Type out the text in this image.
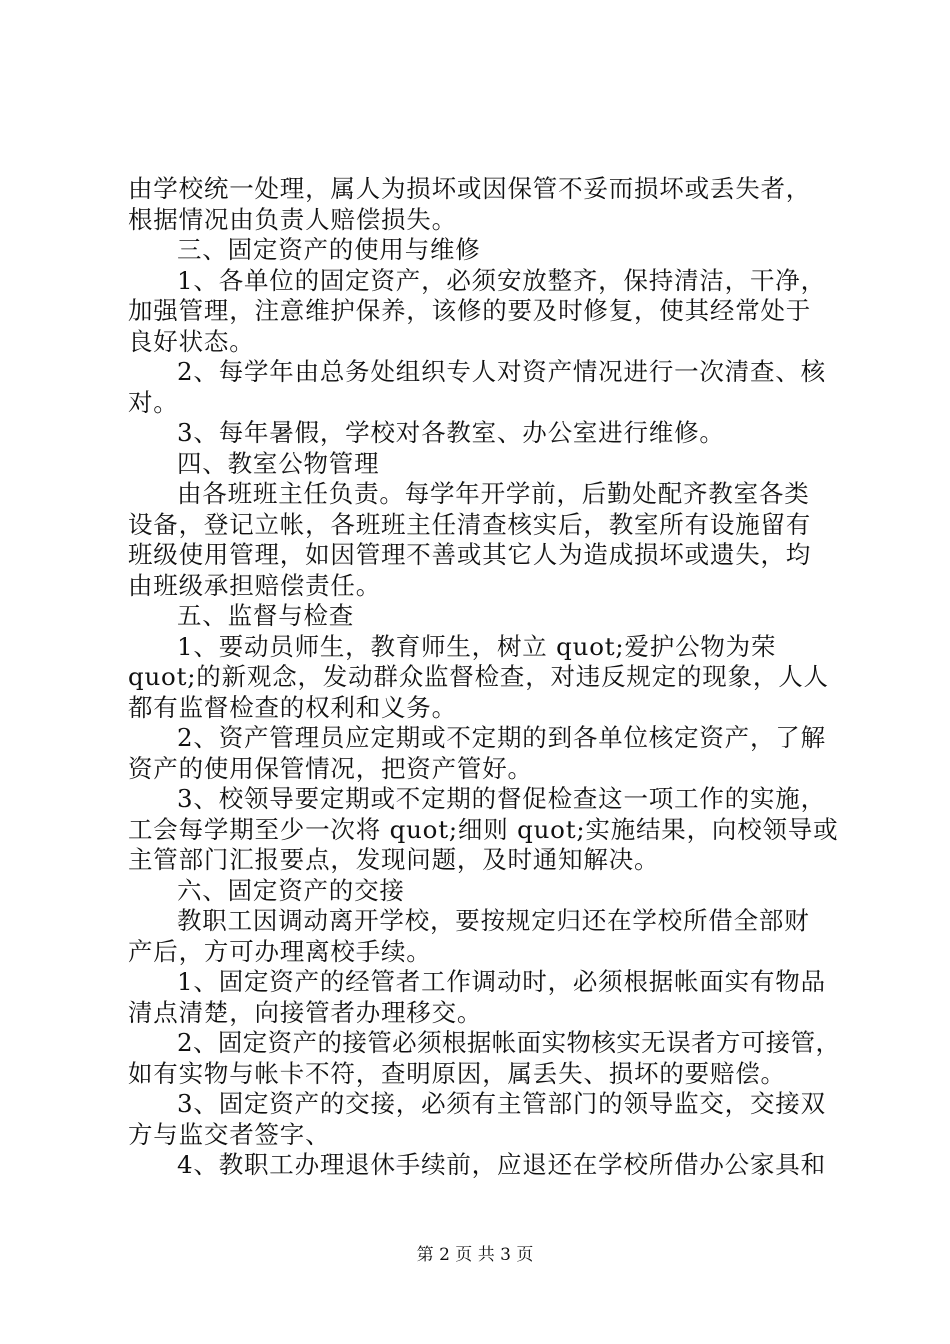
由学校统一处理，属人为损坏或因保管不妥而损坏或丢失者，
根据情况由负责人赔偿损失。
三、固定资产的使用与维修
1、各单位的固定资产，必须安放整齐，保持清洁，干净，
加强管理，注意维护保养，该修的要及时修复，使其经常处于
良好状态。
2、每学年由总务处组织专人对资产情况进行一次清查、核
对。
3、每年暑假，学校对各教室、办公室进行维修。
四、教室公物管理
由各班班主任负责。每学年开学前，后勤处配齐教室各类
设备，登记立帐，各班班主任清查核实后，教室所有设施留有
班级使用管理，如因管理不善或其它人为造成损坏或遗失，均
由班级承担赔偿责任。
五、监督与检查
1、要动员师生，教育师生，树立 quot;爱护公物为荣
quot;的新观念，发动群众监督检查，对违反规定的现象，人人
都有监督检查的权利和义务。
2、资产管理员应定期或不定期的到各单位核定资产，了解
资产的使用保管情况，把资产管好。
3、校领导要定期或不定期的督促检查这一项工作的实施，
工会每学期至少一次将 quot;细则 quot;实施结果，向校领导或
主管部门汇报要点，发现问题，及时通知解决。
六、固定资产的交接
教职工因调动离开学校，要按规定归还在学校所借全部财
产后，方可办理离校手续。
1、固定资产的经管者工作调动时，必须根据帐面实有物品
清点清楚，向接管者办理移交。
2、固定资产的接管必须根据帐面实物核实无误者方可接管，
如有实物与帐卡不符，查明原因，属丢失、损坏的要赔偿。
3、固定资产的交接，必须有主管部门的领导监交，交接双
方与监交者签字、
4、教职工办理退休手续前，应退还在学校所借办公家具和
第 2 页 共 3 页
